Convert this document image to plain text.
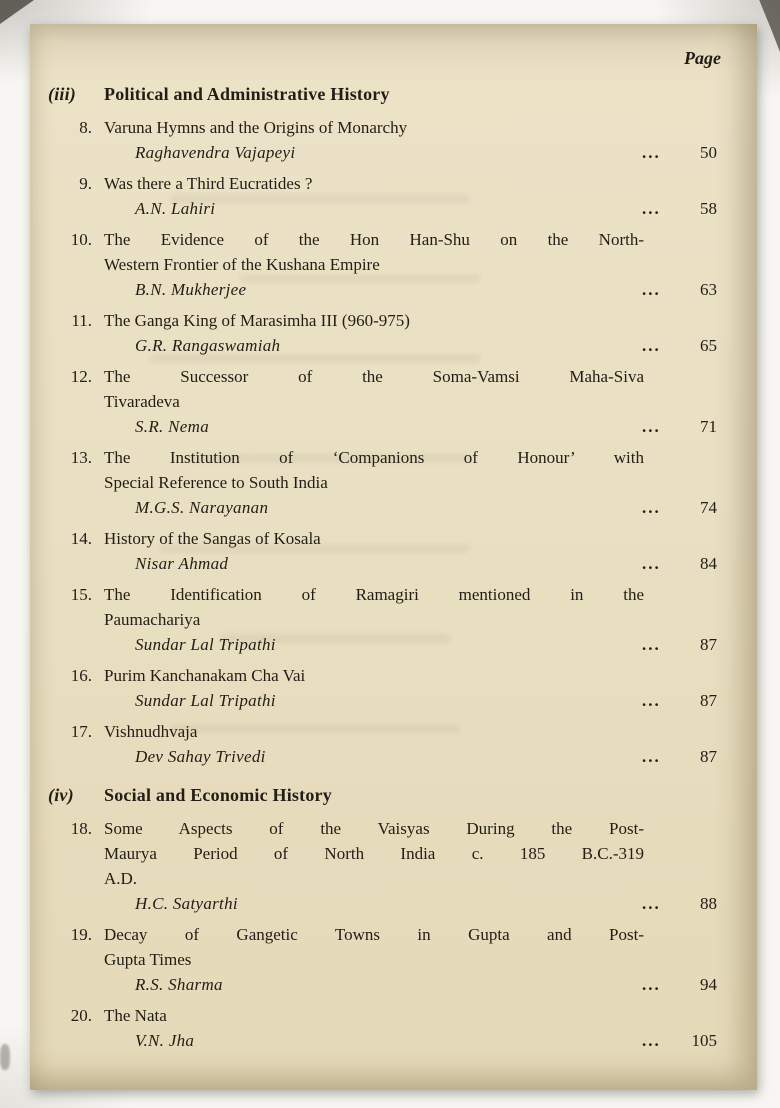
Page
(iii)	Political and Administrative History
8. Varuna Hymns and the Origins of Monarchy
Raghavendra Vajapeyi	...	50
9. Was there a Third Eucratides ?
A.N. Lahiri	...	58
10. The Evidence of the Hon Han-Shu on the North-
Western Frontier of the Kushana Empire
B.N. Mukherjee	...	63
11. The Ganga King of Marasimha III (960-975)
G.R. Rangaswamiah	...	65
12. The Successor of the Soma-Vamsi Maha-Siva
Tivaradeva
S.R. Nema	...	71
13. The Institution of ‘Companions of Honour’ with
Special Reference to South India
M.G.S. Narayanan	...	74
14. History of the Sangas of Kosala
Nisar Ahmad	...	84
15. The Identification of Ramagiri mentioned in the
Paumachariya
Sundar Lal Tripathi	...	87
16. Purim Kanchanakam Cha Vai
Sundar Lal Tripathi	...	87
17. Vishnudhvaja
Dev Sahay Trivedi	...	87
(iv)	Social and Economic History
18. Some Aspects of the Vaisyas During the Post-
Maurya Period of North India c. 185 B.C.-319
A.D.
H.C. Satyarthi	...	88
19. Decay of Gangetic Towns in Gupta and Post-
Gupta Times
R.S. Sharma	...	94
20. The Nata
V.N. Jha	...	105
